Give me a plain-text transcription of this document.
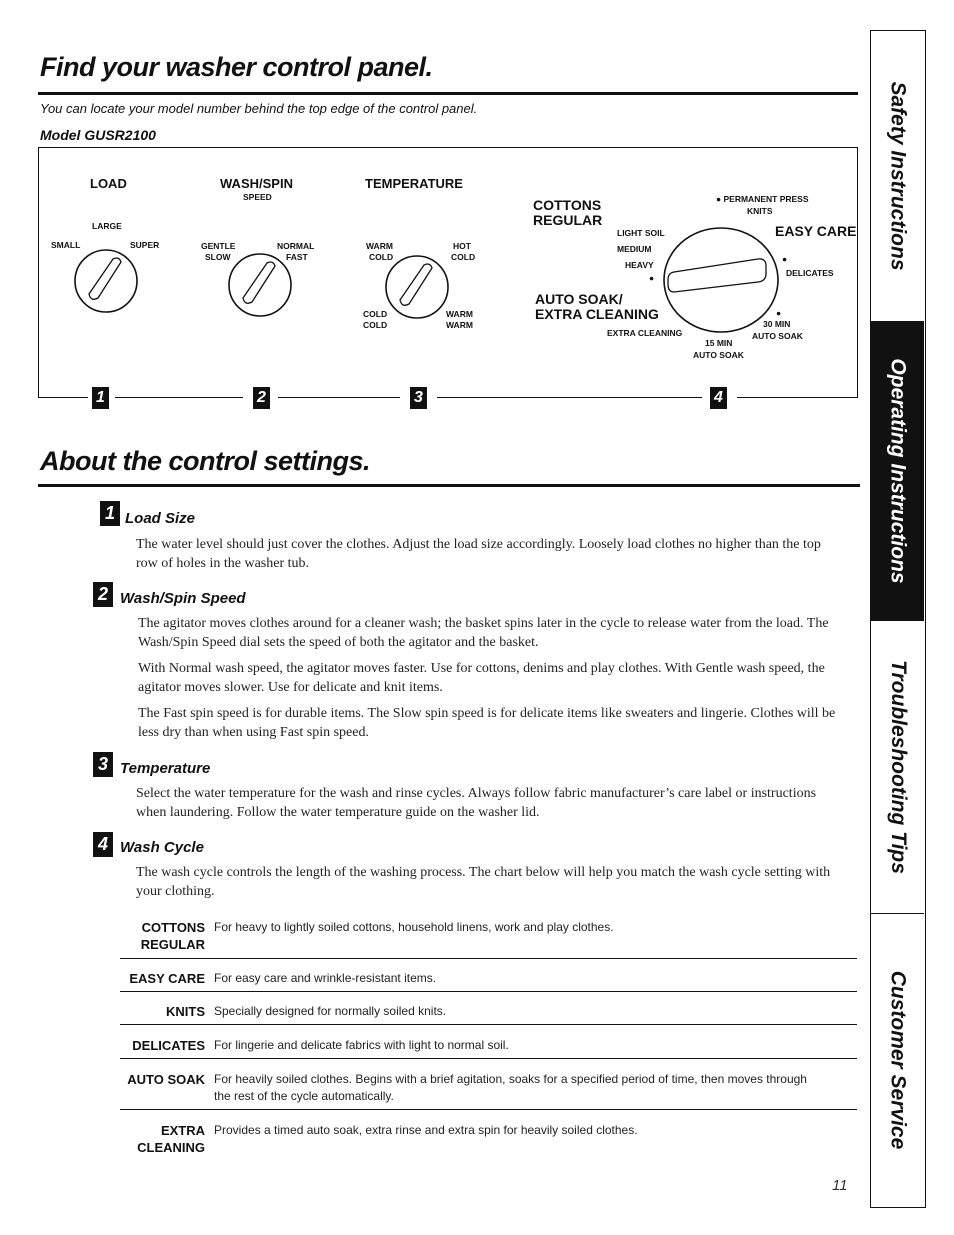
Find your washer control panel.
You can locate your model number behind the top edge of the control panel.
Model GUSR2100
LOAD
LARGE
SMALL	SUPER
WASH/SPIN
SPEED
GENTLE
SLOW
NORMAL
FAST
TEMPERATURE
WARM
COLD
HOT
COLD
COLD
COLD
WARM
WARM
COTTONS
REGULAR
● PERMANENT PRESS
KNITS
LIGHT SOIL
MEDIUM
HEAVY
●
EASY CARE
●
DELICATES
AUTO SOAK/
EXTRA CLEANING	●
30 MIN
AUTO SOAK
EXTRA CLEANING
15 MIN
AUTO SOAK
1	2	3	4
About the control settings.
1 Load Size
The water level should just cover the clothes. Adjust the load size accordingly. Loosely load clothes no higher than the top row of holes in the washer tub.
2 Wash/Spin Speed
The agitator moves clothes around for a cleaner wash; the basket spins later in the cycle to release water from the load. The Wash/Spin Speed dial sets the speed of both the agitator and the basket.
With Normal wash speed, the agitator moves faster. Use for cottons, denims and play clothes. With Gentle wash speed, the agitator moves slower. Use for delicate and knit items.
The Fast spin speed is for durable items. The Slow spin speed is for delicate items like sweaters and lingerie. Clothes will be less dry than when using Fast spin speed.
3 Temperature
Select the water temperature for the wash and rinse cycles. Always follow fabric manufacturer’s care label or instructions when laundering. Follow the water temperature guide on the washer lid.
4 Wash Cycle
The wash cycle controls the length of the washing process. The chart below will help you match the wash cycle setting with your clothing.
COTTONS
REGULAR
For heavy to lightly soiled cottons, household linens, work and play clothes.
EASY CARE For easy care and wrinkle-resistant items.
KNITS Specially designed for normally soiled knits.
DELICATES For lingerie and delicate fabrics with light to normal soil.
AUTO SOAK For heavily soiled clothes. Begins with a brief agitation, soaks for a specified period of time, then moves through the rest of the cycle automatically.
EXTRA
CLEANING
Provides a timed auto soak, extra rinse and extra spin for heavily soiled clothes.
11
Safety Instructions
Operating Instructions
Troubleshooting Tips
Customer Service
